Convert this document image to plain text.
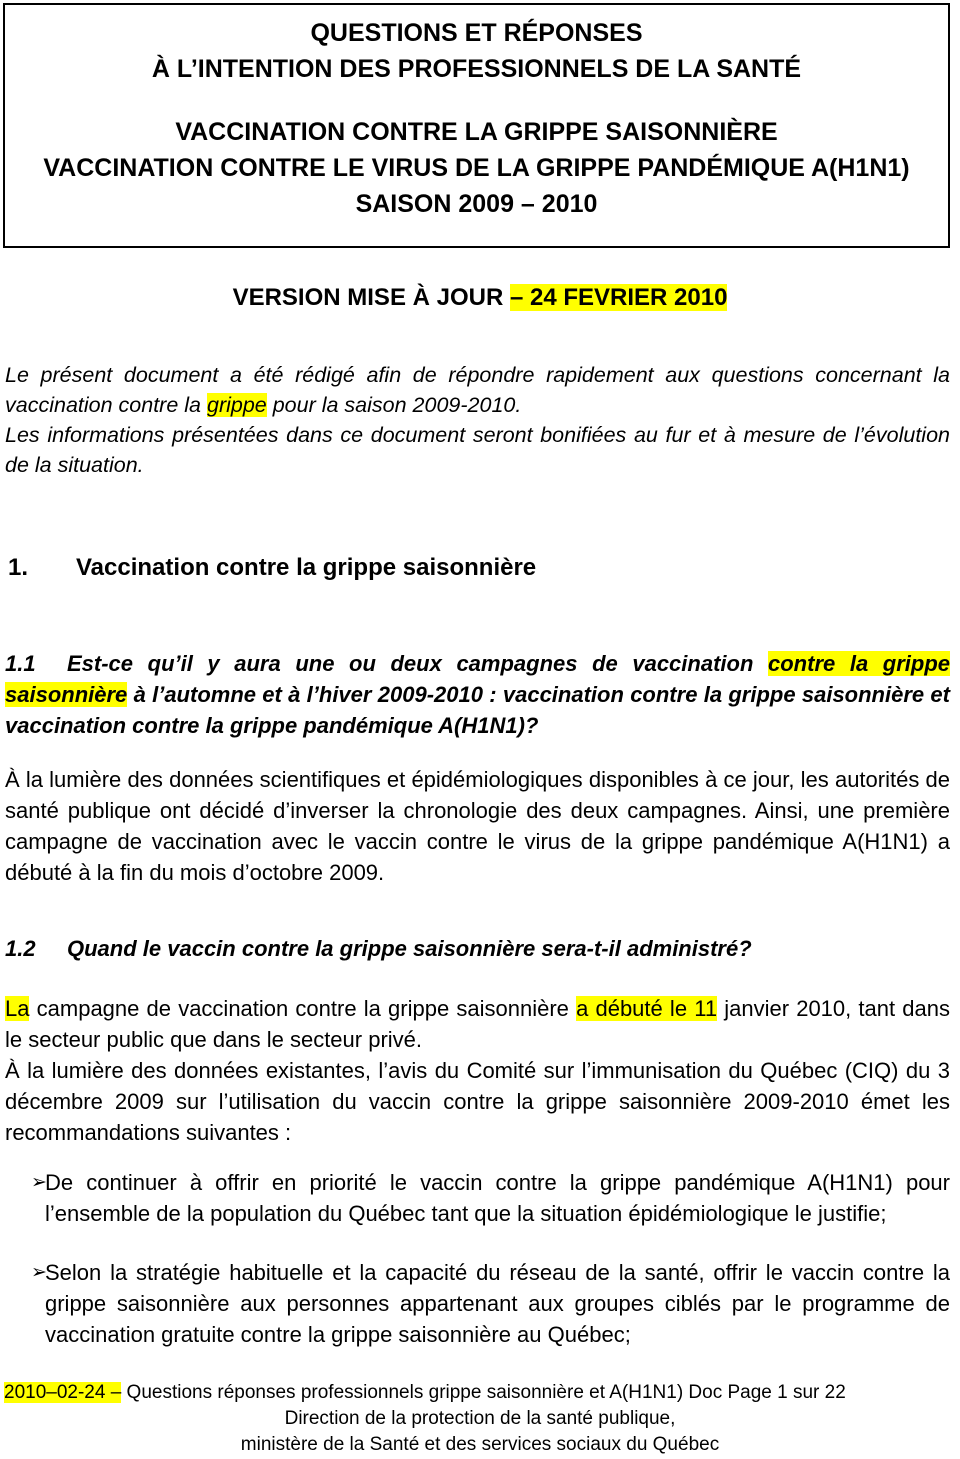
QUESTIONS ET RÉPONSES
À L’INTENTION DES PROFESSIONNELS DE LA SANTÉ
VACCINATION CONTRE LA GRIPPE SAISONNIÈRE
VACCINATION CONTRE LE VIRUS DE LA GRIPPE PANDÉMIQUE A(H1N1)
SAISON 2009 – 2010
VERSION MISE À JOUR – 24 FEVRIER 2010
Le présent document a été rédigé afin de répondre rapidement aux questions concernant la vaccination contre la grippe pour la saison 2009-2010.
Les informations présentées dans ce document seront bonifiées au fur et à mesure de l’évolution de la situation.
1. Vaccination contre la grippe saisonnière
1.1 Est-ce qu’il y aura une ou deux campagnes de vaccination contre la grippe saisonnière à l’automne et à l’hiver 2009-2010 : vaccination contre la grippe saisonnière et vaccination contre la grippe pandémique A(H1N1)?
À la lumière des données scientifiques et épidémiologiques disponibles à ce jour, les autorités de santé publique ont décidé d’inverser la chronologie des deux campagnes. Ainsi, une première campagne de vaccination avec le vaccin contre le virus de la grippe pandémique A(H1N1) a débuté à la fin du mois d’octobre 2009.
1.2 Quand le vaccin contre la grippe saisonnière sera-t-il administré?
La campagne de vaccination contre la grippe saisonnière a débuté le 11 janvier 2010, tant dans le secteur public que dans le secteur privé.
À la lumière des données existantes, l’avis du Comité sur l’immunisation du Québec (CIQ) du 3 décembre 2009 sur l’utilisation du vaccin contre la grippe saisonnière 2009-2010 émet les recommandations suivantes :
➢
De continuer à offrir en priorité le vaccin contre la grippe pandémique A(H1N1) pour l’ensemble de la population du Québec tant que la situation épidémiologique le justifie;
➢
Selon la stratégie habituelle et la capacité du réseau de la santé, offrir le vaccin contre la grippe saisonnière aux personnes appartenant aux groupes ciblés par le programme de vaccination gratuite contre la grippe saisonnière au Québec;
2010–02-24 – Questions réponses professionnels grippe saisonnière et A(H1N1) Doc Page 1 sur 22
Direction de la protection de la santé publique,
ministère de la Santé et des services sociaux du Québec
